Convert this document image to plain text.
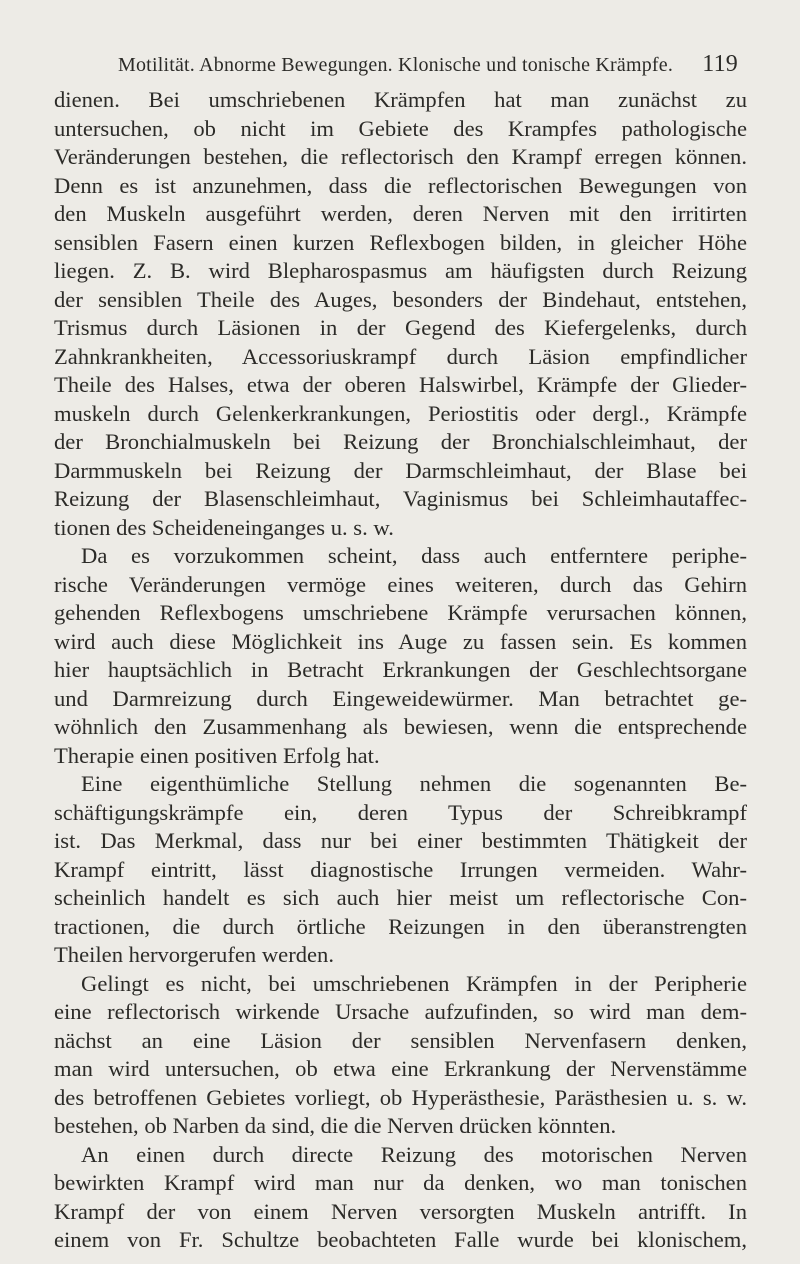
Motilität. Abnorme Bewegungen. Klonische und tonische Krämpfe. 119
dienen. Bei umschriebenen Krämpfen hat man zunächst zu
untersuchen, ob nicht im Gebiete des Krampfes pathologische
Veränderungen bestehen, die reflectorisch den Krampf erregen können.
Denn es ist anzunehmen, dass die reflectorischen Bewegungen von
den Muskeln ausgeführt werden, deren Nerven mit den irritirten
sensiblen Fasern einen kurzen Reflexbogen bilden, in gleicher Höhe
liegen. Z. B. wird Blepharospasmus am häufigsten durch Reizung
der sensiblen Theile des Auges, besonders der Bindehaut, entstehen,
Trismus durch Läsionen in der Gegend des Kiefergelenks, durch
Zahnkrankheiten, Accessoriuskrampf durch Läsion empfindlicher
Theile des Halses, etwa der oberen Halswirbel, Krämpfe der Glieder-
muskeln durch Gelenkerkrankungen, Periostitis oder dergl., Krämpfe
der Bronchialmuskeln bei Reizung der Bronchialschleimhaut, der
Darmmuskeln bei Reizung der Darmschleimhaut, der Blase bei
Reizung der Blasenschleimhaut, Vaginismus bei Schleimhautaffec-
tionen des Scheideneinganges u. s. w.
Da es vorzukommen scheint, dass auch entferntere periphe-
rische Veränderungen vermöge eines weiteren, durch das Gehirn
gehenden Reflexbogens umschriebene Krämpfe verursachen können,
wird auch diese Möglichkeit ins Auge zu fassen sein. Es kommen
hier hauptsächlich in Betracht Erkrankungen der Geschlechtsorgane
und Darmreizung durch Eingeweidewürmer. Man betrachtet ge-
wöhnlich den Zusammenhang als bewiesen, wenn die entsprechende
Therapie einen positiven Erfolg hat.
Eine eigenthümliche Stellung nehmen die sogenannten Be-
schäftigungskrämpfe ein, deren Typus der Schreibkrampf
ist. Das Merkmal, dass nur bei einer bestimmten Thätigkeit der
Krampf eintritt, lässt diagnostische Irrungen vermeiden. Wahr-
scheinlich handelt es sich auch hier meist um reflectorische Con-
tractionen, die durch örtliche Reizungen in den überanstrengten
Theilen hervorgerufen werden.
Gelingt es nicht, bei umschriebenen Krämpfen in der Peripherie
eine reflectorisch wirkende Ursache aufzufinden, so wird man dem-
nächst an eine Läsion der sensiblen Nervenfasern denken,
man wird untersuchen, ob etwa eine Erkrankung der Nervenstämme
des betroffenen Gebietes vorliegt, ob Hyperästhesie, Parästhesien u. s. w.
bestehen, ob Narben da sind, die die Nerven drücken könnten.
An einen durch directe Reizung des motorischen Nerven
bewirkten Krampf wird man nur da denken, wo man tonischen
Krampf der von einem Nerven versorgten Muskeln antrifft. In
einem von Fr. Schultze beobachteten Falle wurde bei klonischem,
